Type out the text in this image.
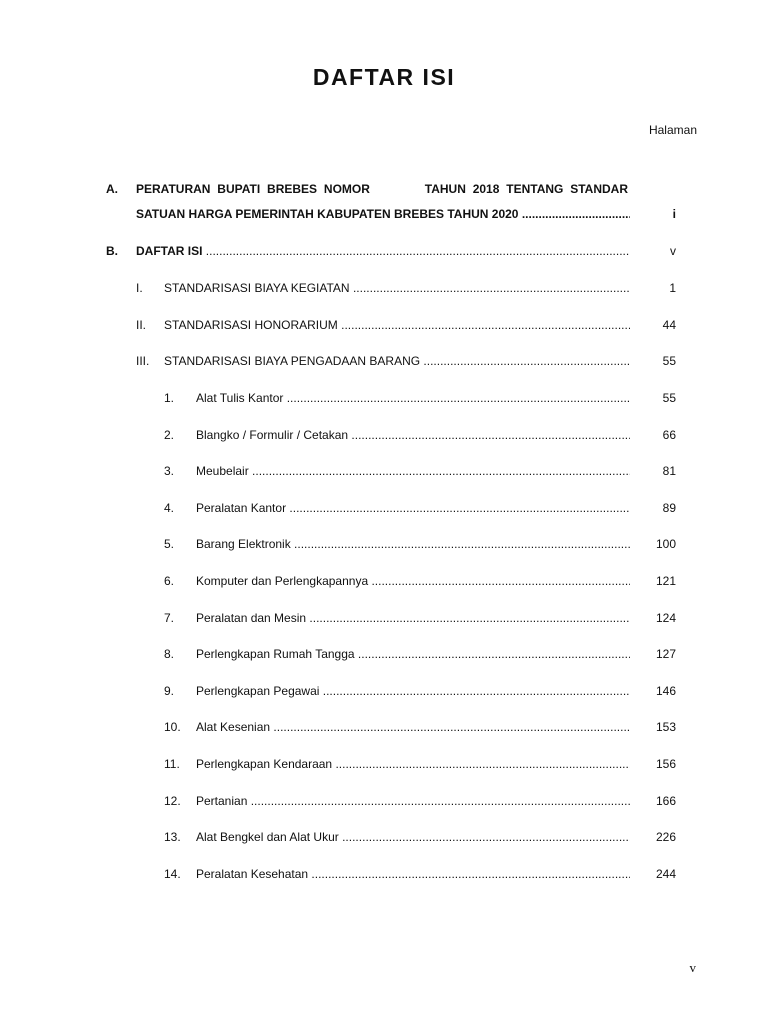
DAFTAR ISI
Halaman
A. PERATURAN BUPATI BREBES NOMOR        TAHUN 2018 TENTANG STANDAR
SATUAN HARGA PEMERINTAH KABUPATEN BREBES TAHUN 2020 .....	i
B. DAFTAR ISI .....	v
I. STANDARISASI BIAYA KEGIATAN .....	1
II. STANDARISASI HONORARIUM .....	44
III. STANDARISASI BIAYA PENGADAAN BARANG .....	55
1. Alat Tulis Kantor .....	55
2. Blangko / Formulir / Cetakan .....	66
3. Meubelair .....	81
4. Peralatan Kantor .....	89
5. Barang Elektronik .....	100
6. Komputer dan Perlengkapannya .....	121
7. Peralatan dan Mesin .....	124
8. Perlengkapan Rumah Tangga .....	127
9. Perlengkapan Pegawai .....	146
10. Alat Kesenian .....	153
11. Perlengkapan Kendaraan .....	156
12. Pertanian .....	166
13. Alat Bengkel dan Alat Ukur .....	226
14. Peralatan Kesehatan .....	244
v
